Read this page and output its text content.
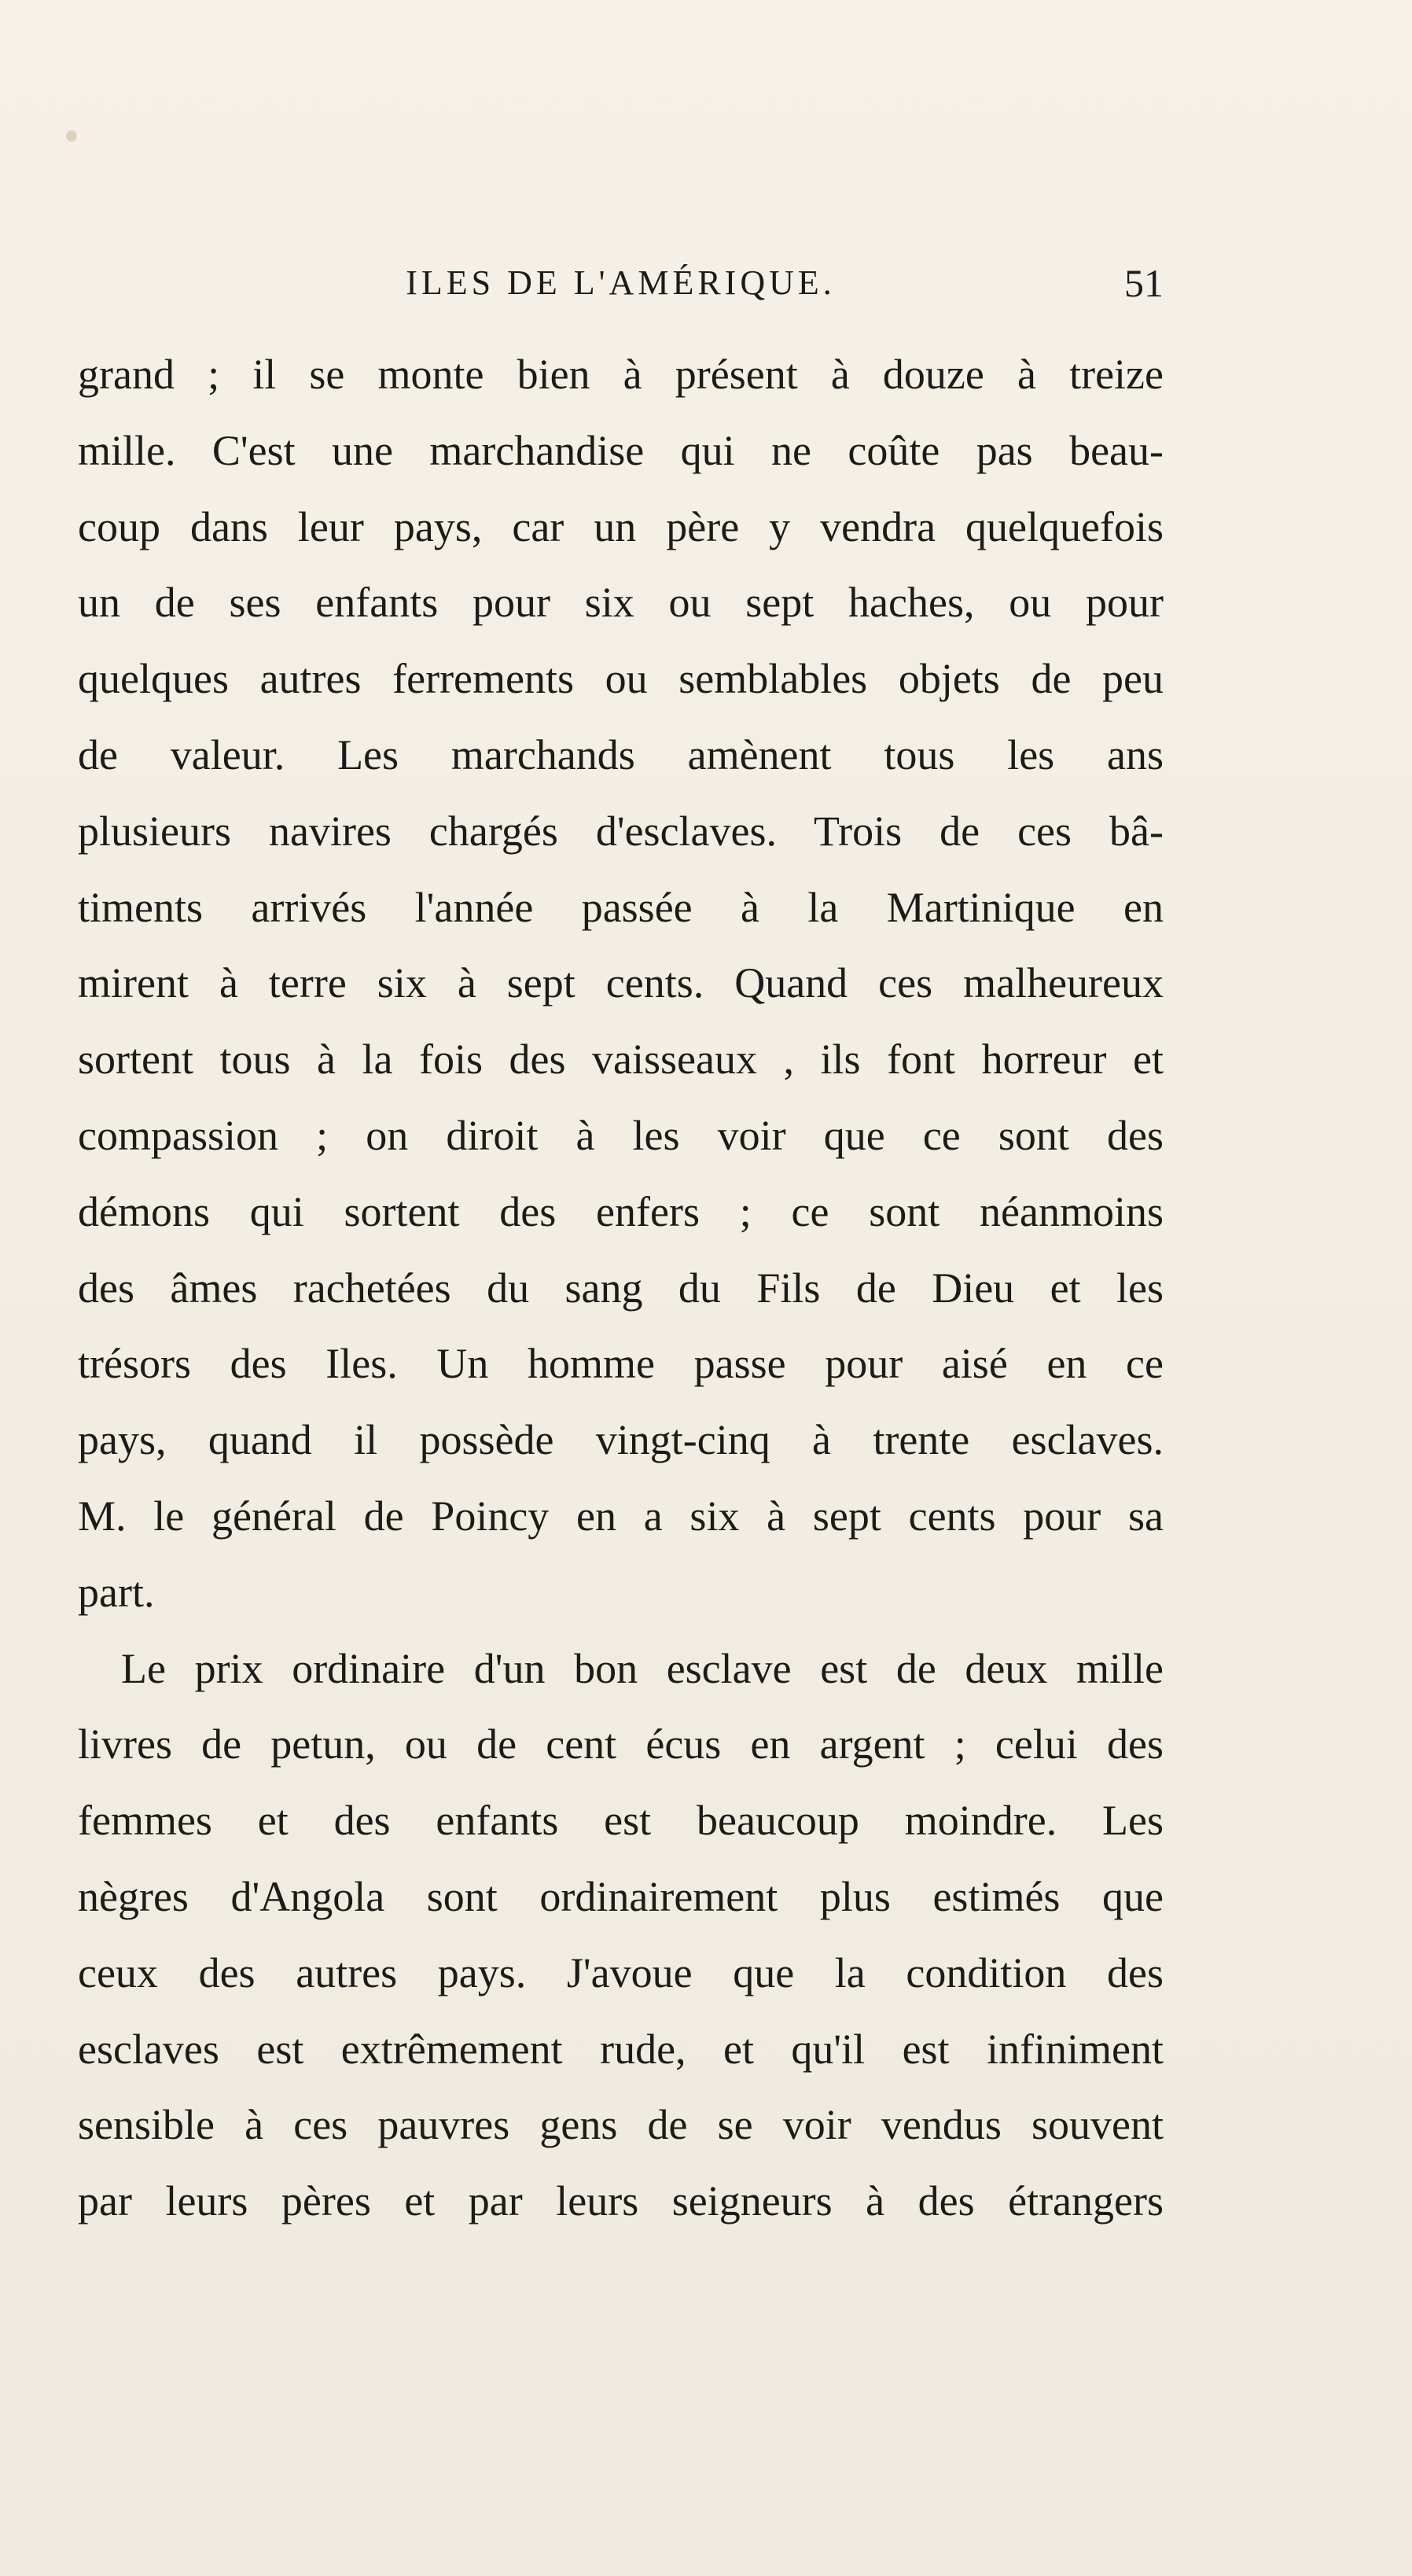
ILES DE L'AMÉRIQUE.	51
grand ; il se monte bien à présent à douze à treize
mille. C'est une marchandise qui ne coûte pas beau-
coup dans leur pays, car un père y vendra quelquefois
un de ses enfants pour six ou sept haches, ou pour
quelques autres ferrements ou semblables objets de peu
de valeur. Les marchands amènent tous les ans
plusieurs navires chargés d'esclaves. Trois de ces bâ-
timents arrivés l'année passée à la Martinique en
mirent à terre six à sept cents. Quand ces malheureux
sortent tous à la fois des vaisseaux , ils font horreur et
compassion ; on diroit à les voir que ce sont des
démons qui sortent des enfers ; ce sont néanmoins
des âmes rachetées du sang du Fils de Dieu et les
trésors des Iles. Un homme passe pour aisé en ce
pays, quand il possède vingt-cinq à trente esclaves.
M. le général de Poincy en a six à sept cents pour sa
part.
Le prix ordinaire d'un bon esclave est de deux mille
livres de petun, ou de cent écus en argent ; celui des
femmes et des enfants est beaucoup moindre. Les
nègres d'Angola sont ordinairement plus estimés que
ceux des autres pays. J'avoue que la condition des
esclaves est extrêmement rude, et qu'il est infiniment
sensible à ces pauvres gens de se voir vendus souvent
par leurs pères et par leurs seigneurs à des étrangers
